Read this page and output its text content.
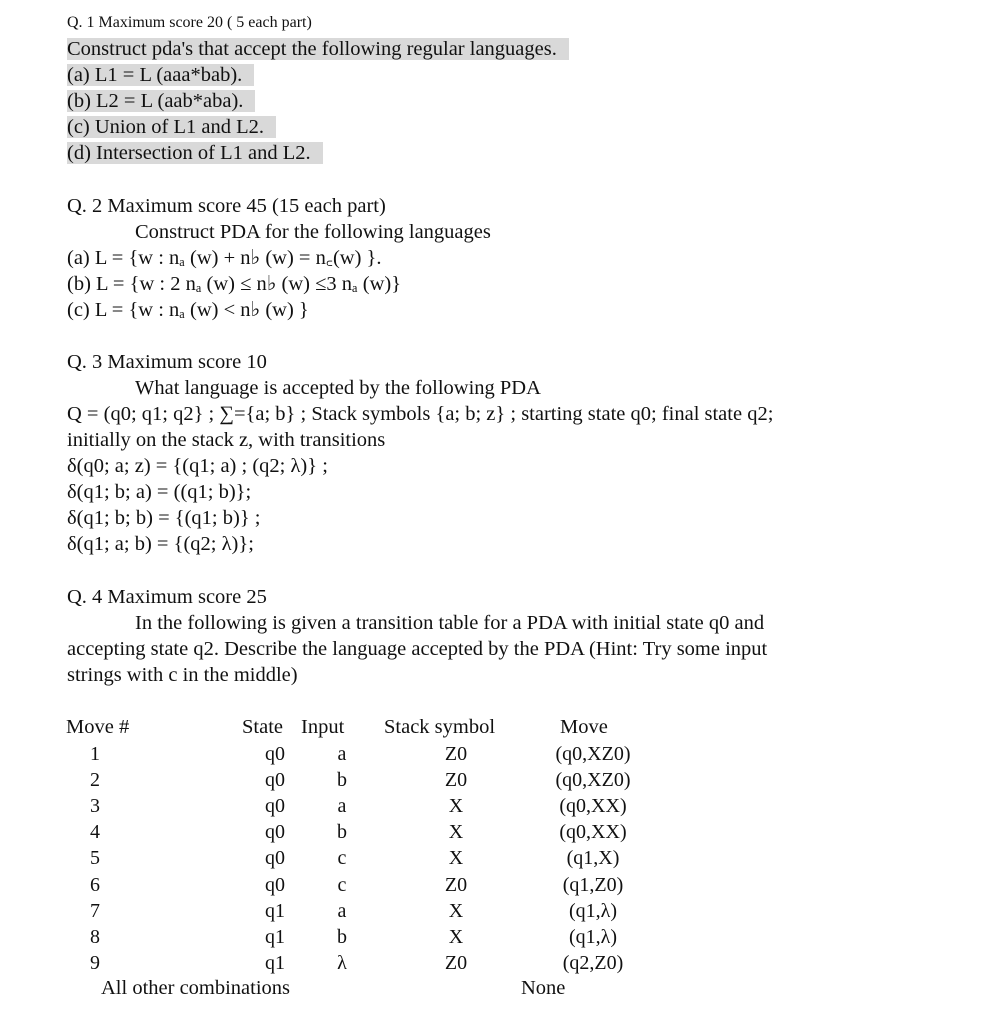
Q. 1 Maximum score 20 ( 5 each part)
Construct pda's that accept the following regular languages.
(a) L1 = L (aaa*bab).
(b) L2 = L (aab*aba).
(c) Union of L1 and L2.
(d) Intersection of L1 and L2.
Q. 2 Maximum score 45 (15 each part)
Construct PDA for the following languages
(a) L = {w : nₐ (w) + n♭ (w) = n꜀(w) }.
(b) L = {w : 2 nₐ (w) ≤ n♭ (w) ≤3 nₐ (w)}
(c) L = {w : nₐ (w) < n♭ (w) }
Q. 3 Maximum score 10
What language is accepted by the following PDA
Q = (q0; q1; q2} ; ∑={a; b} ; Stack symbols {a; b; z} ; starting state q0; final state q2;
initially on the stack z, with transitions
δ(q0; a; z) = {(q1; a) ; (q2; λ)} ;
δ(q1; b; a) = ((q1; b)};
δ(q1; b; b) = {(q1; b)} ;
δ(q1; a; b) = {(q2; λ)};
Q. 4 Maximum score 25
In the following is given a transition table for a PDA with initial state q0 and
accepting state q2. Describe the language accepted by the PDA (Hint: Try some input
strings with c in the middle)
Move #	State	Input	Stack symbol	Move
1	q0	a	Z0	(q0,XZ0)
2	q0	b	Z0	(q0,XZ0)
3	q0	a	X	(q0,XX)
4	q0	b	X	(q0,XX)
5	q0	c	X	(q1,X)
6	q0	c	Z0	(q1,Z0)
7	q1	a	X	(q1,λ)
8	q1	b	X	(q1,λ)
9	q1	λ	Z0	(q2,Z0)
All other combinations	None
